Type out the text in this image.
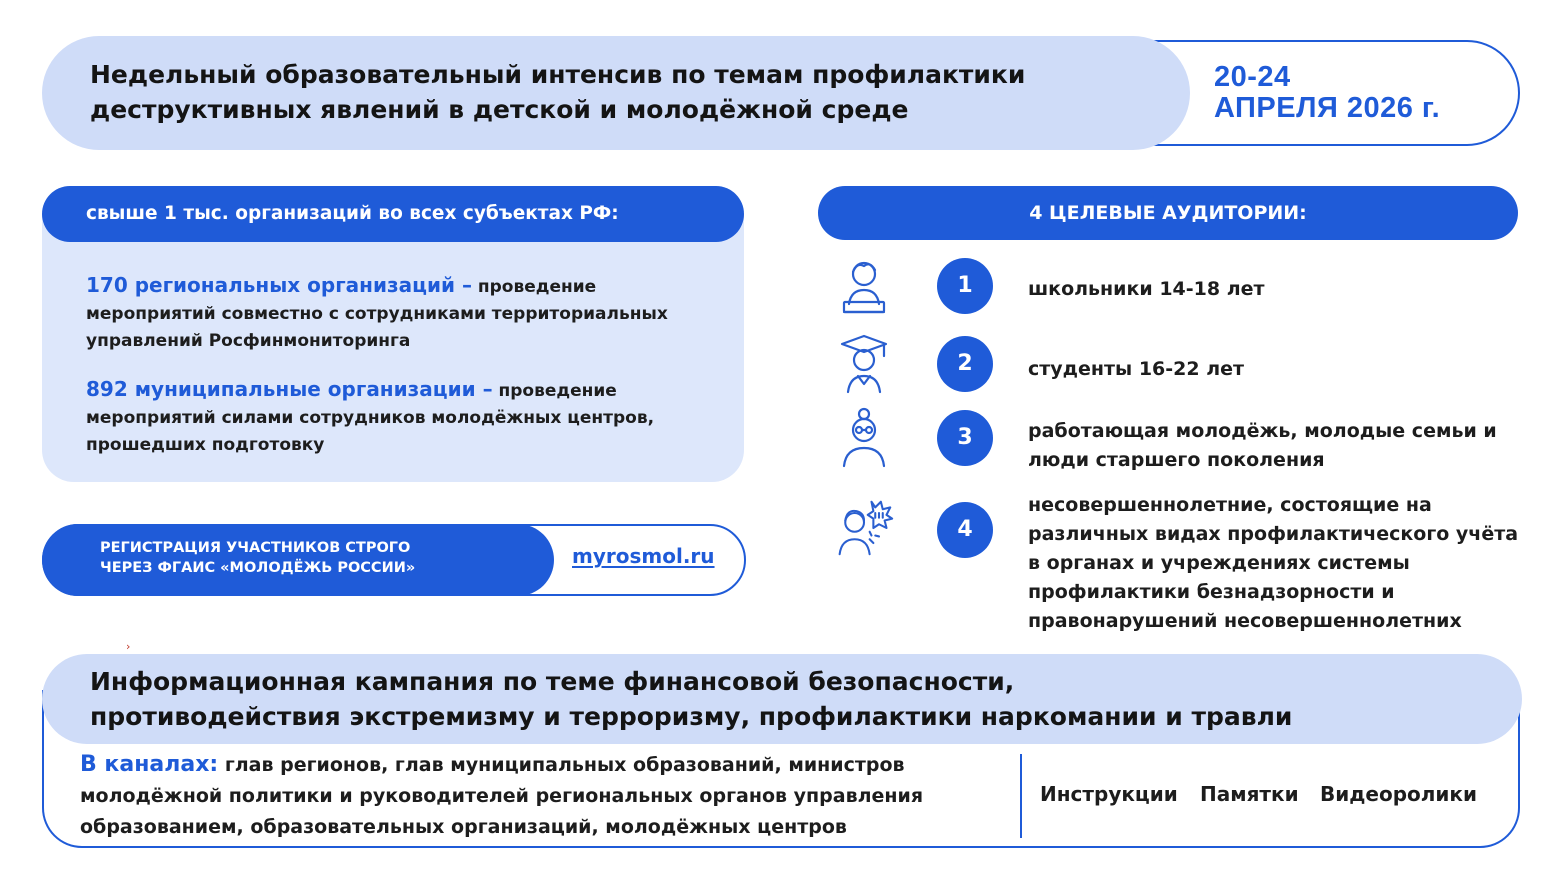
20-24
АПРЕЛЯ 2026 г.
Недельный образовательный интенсив по темам профилактики
деструктивных явлений в детской и молодёжной среде
свыше 1 тыс. организаций во всех субъектах РФ:
170 региональных организаций – проведение мероприятий совместно с сотрудниками территориальных управлений Росфинмониторинга
892 муниципальные организации – проведение мероприятий силами сотрудников молодёжных центров, прошедших подготовку
РЕГИСТРАЦИЯ УЧАСТНИКОВ СТРОГО
ЧЕРЕЗ ФГАИС «МОЛОДЁЖЬ РОССИИ»	myrosmol.ru
›
4 ЦЕЛЕВЫЕ АУДИТОРИИ:
1	школьники 14-18 лет
2	студенты 16-22 лет
3	работающая молодёжь, молодые семьи и люди старшего поколения
4
несовершеннолетние, состоящие на различных видах профилактического учёта в органах и учреждениях системы профилактики безнадзорности и правонарушений несовершеннолетних
Информационная кампания по теме финансовой безопасности,
противодействия экстремизму и терроризму, профилактики наркомании и травли
В каналах: глав регионов, глав муниципальных образований, министров молодёжной политики и руководителей региональных органов управления образованием, образовательных организаций, молодёжных центров
Инструкции Памятки Видеоролики
